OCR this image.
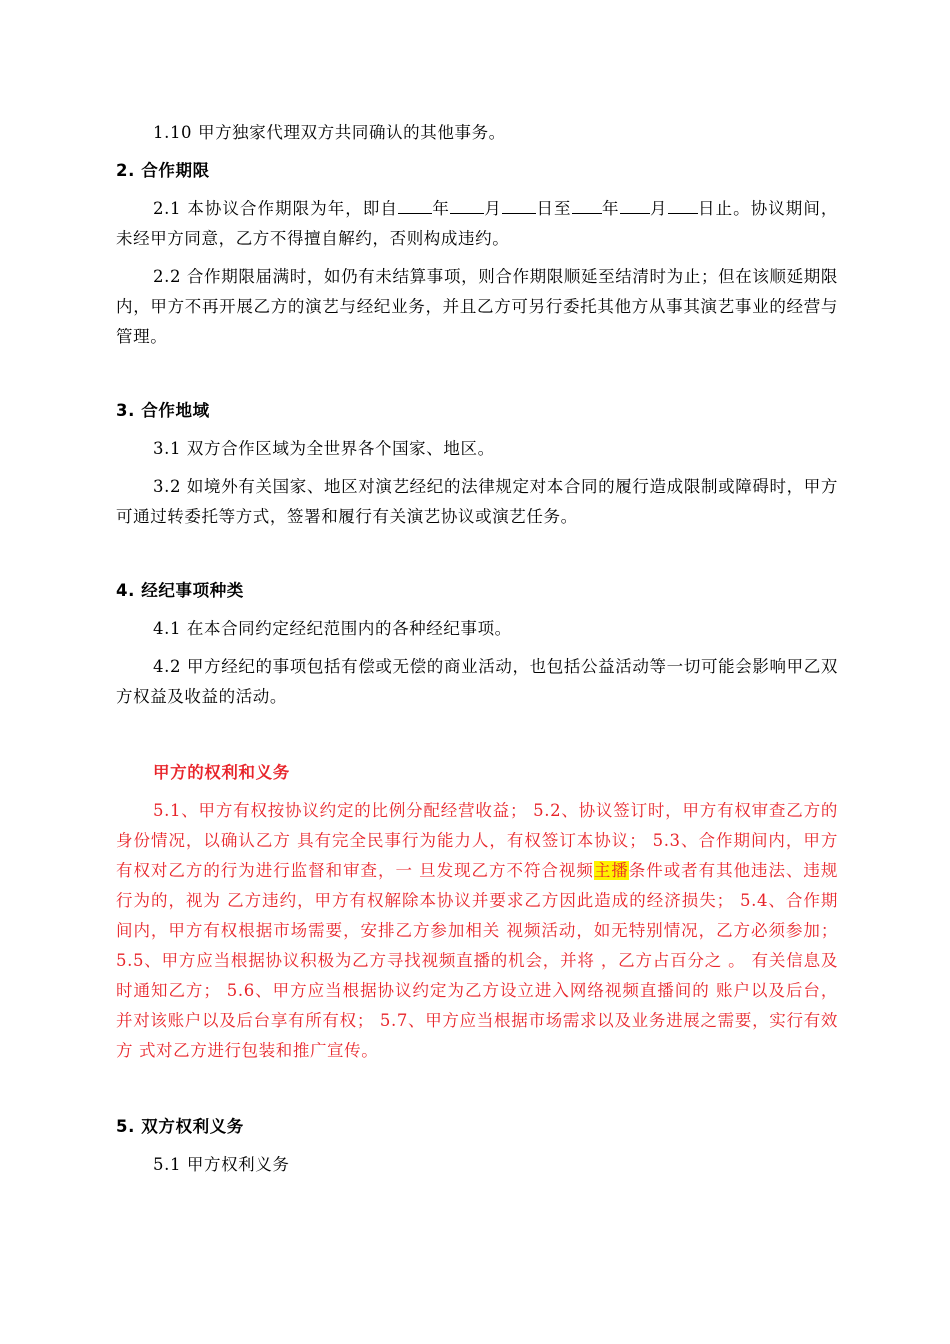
1.10 甲方独家代理双方共同确认的其他事务。

2. 合作期限

2.1 本协议合作期限为年，即自 年 月 日至 年 月 日止。协议期间，未经甲方同意，乙方不得擅自解约，否则构成违约。

2.2 合作期限届满时，如仍有未结算事项，则合作期限顺延至结清时为止；但在该顺延期限内，甲方不再开展乙方的演艺与经纪业务，并且乙方可另行委托其他方从事其演艺事业的经营与管理。

3. 合作地域

3.1 双方合作区域为全世界各个国家、地区。

3.2 如境外有关国家、地区对演艺经纪的法律规定对本合同的履行造成限制或障碍时，甲方可通过转委托等方式，签署和履行有关演艺协议或演艺任务。

4. 经纪事项种类

4.1 在本合同约定经纪范围内的各种经纪事项。

4.2 甲方经纪的事项包括有偿或无偿的商业活动，也包括公益活动等一切可能会影响甲乙双方权益及收益的活动。

甲方的权利和义务

5.1、甲方有权按协议约定的比例分配经营收益； 5.2、协议签订时，甲方有权审查乙方的身份情况，以确认乙方 具有完全民事行为能力人，有权签订本协议； 5.3、合作期间内，甲方有权对乙方的行为进行监督和审查，一 旦发现乙方不符合视频主播条件或者有其他违法、违规行为的，视为 乙方违约，甲方有权解除本协议并要求乙方因此造成的经济损失； 5.4、合作期间内，甲方有权根据市场需要，安排乙方参加相关 视频活动，如无特别情况，乙方必须参加； 5.5、甲方应当根据协议积极为乙方寻找视频直播的机会，并将 ，乙方占百分之 。 有关信息及时通知乙方； 5.6、甲方应当根据协议约定为乙方设立进入网络视频直播间的 账户以及后台，并对该账户以及后台享有所有权； 5.7、甲方应当根据市场需求以及业务进展之需要，实行有效方 式对乙方进行包装和推广宣传。

5. 双方权利义务

5.1 甲方权利义务
